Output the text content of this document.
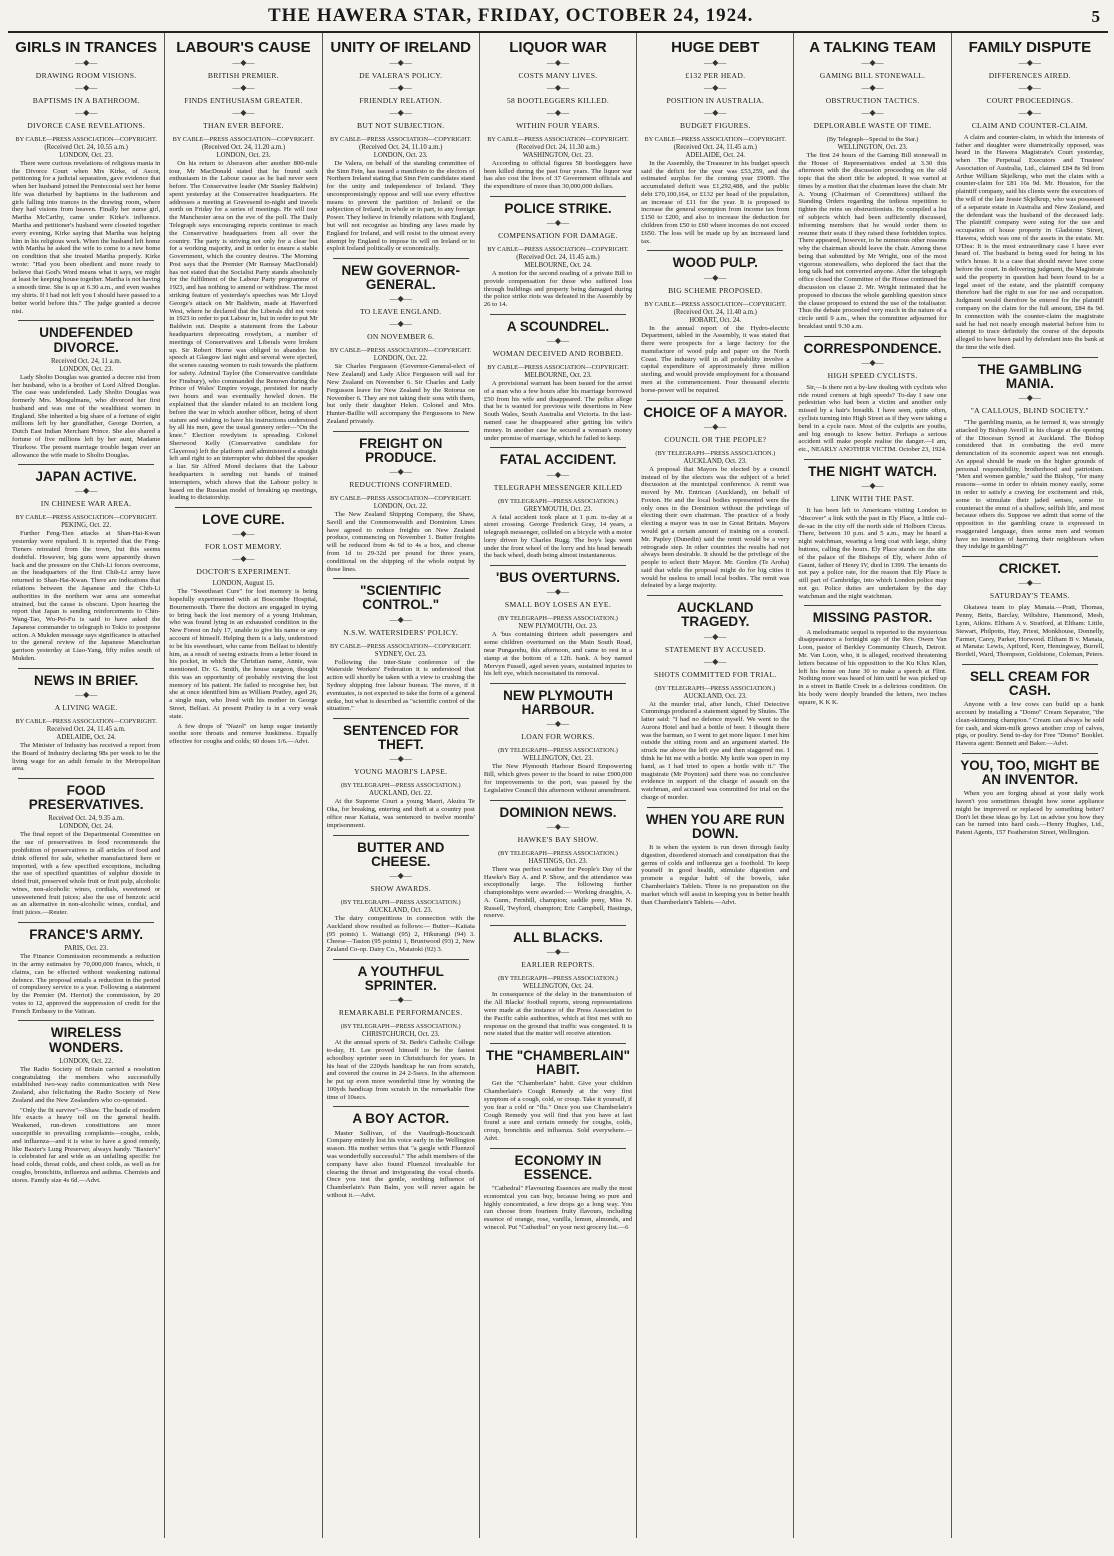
THE HAWERA STAR, FRIDAY, OCTOBER 24, 1924.	5
GIRLS IN TRANCES
—◆—
DRAWING ROOM VISIONS.
—◆—
BAPTISMS IN A BATHROOM.
—◆—
DIVORCE CASE REVELATIONS.
BY CABLE—PRESS ASSOCIATION—COPYRIGHT.
(Received Oct. 24, 10.55 a.m.)
LONDON, Oct. 23.

There were curious revelations of religious mania in the Divorce Court when Mrs Kirke, of Ascot, petitioning for a judicial separation, gave evidence that when her husband joined the Pentecostal sect her home life was disturbed by baptisms in the bathroom and girls falling into trances in the drawing room, where they had visions from heaven. Finally her nurse girl, Martha McCarthy, came under Kirke's influence. Martha and petitioner's husband were closeted together every evening, Kirke saying that Martha was helping him in his religious work. When the husband left home with Martha he asked the wife to come to a new home on condition that she treated Martha properly. Kirke wrote: "Had you been obedient and more ready to believe that God's Word means what it says, we might at least be keeping house together. Martha is not having a smooth time. She is up at 6.30 a.m., and even washes my shirts. If I had not left you I should have passed to a better world before this." The judge granted a decree nisi.

UNDEFENDED DIVORCE.
Received Oct. 24, 11 a.m.
LONDON, Oct. 23.

Lady Sholto Douglas was granted a decree nisi from her husband, who is a brother of Lord Alfred Douglas. The case was undefended. Lady Sholto Douglas was formerly Mrs. Mosgulmans, who divorced her first husband and was one of the wealthiest women in England. She inherited a big share of a fortune of eight millions left by her grandfather, George Dorrien, a Dutch East Indian Merchant Prince. She also shared a fortune of five millions left by her aunt, Madame Thurkow. The present marriage trouble began over an allowance the wife made to Sholto Douglas.

JAPAN ACTIVE.
—◆—
IN CHINESE WAR AREA.
BY CABLE—PRESS ASSOCIATION—COPYRIGHT.
PEKING, Oct. 22.

Further Feng-Tien attacks at Shan-Hai-Kwan yesterday were repulsed. It is reported that the Feng-Tieners retreated from the town, but this seems doubtful. However, big guns were apparently drawn back and the pressure on the Chih-Li forces overcome, as the headquarters of the first Chih-Li army have returned to Shan-Hai-Kwan. There are indications that relations between the Japanese and the Chih-Li authorities in the northern war area are somewhat strained, but the cause is obscure. Upon hearing the report that Japan is sending reinforcements to Chin-Wang-Tao, Wu-Pei-Fu is said to have asked the Japanese commander to telegraph to Tokio to postpone action. A Mukden message says significance is attached to the general review of the Japanese Manchurian garrison yesterday at Liao-Yang, fifty miles south of Mukden.

NEWS IN BRIEF.
—◆—
A LIVING WAGE.
BY CABLE—PRESS ASSOCIATION—COPYRIGHT.
Received Oct. 24, 11.45 a.m.
ADELAIDE, Oct. 24.

The Minister of Industry has received a report from the Board of Industry declaring 98s per week to be the living wage for an adult female in the Metropolitan area.

FOOD PRESERVATIVES.
Received Oct. 24, 9.35 a.m.
LONDON, Oct. 24.

The final report of the Departmental Committee on the use of preservatives in food recommends the prohibition of preservatives in all articles of food and drink offered for sale, whether manufactured here or imported, with a few specified exceptions, including the use of specified quantities of sulphur dioxide in dried fruit, preserved whole fruit or fruit pulp, alcoholic wines, non-alcoholic wines, cordials, sweetened or unsweetened fruit juices; also the use of benzoic acid as an alternative in non-alcoholic wines, cordial, and fruit juices.—Reuter.

FRANCE'S ARMY.
PARIS, Oct. 23.

The Finance Commission recommends a reduction in the army estimates by 70,000,000 francs, which, it claims, can be effected without weakening national defence. The proposal entails a reduction in the period of compulsory service to a year. Following a statement by the Premier (M. Herriot) the commission, by 20 votes to 12, approved the suppression of credit for the French Embassy to the Vatican.

WIRELESS WONDERS.
LONDON, Oct. 22.

The Radio Society of Britain carried a resolution congratulating the members who successfully established two-way radio communication with New Zealand, also felicitating the Radio Society of New Zealand and the New Zealanders who co-operated.

"Only the fit survive"—Shaw. The bustle of modern life exacts a heavy toll on the general health. Weakened, run-down constitutions are more susceptible to prevailing complaints—coughs, colds, and influenza—and it is wise to have a good remedy, like Baxter's Lung Preserver, always handy. "Baxter's" is celebrated far and wide as an unfailing specific for head colds, throat colds, and chest colds, as well as for coughs, bronchitis, influenza and asthma. Chemists and stores. Family size 4s 6d.—Advt.

LABOUR'S CAUSE
—◆—
BRITISH PREMIER.
—◆—
FINDS ENTHUSIASM GREATER.
—◆—
THAN EVER BEFORE.
BY CABLE—PRESS ASSOCIATION—COPYRIGHT.
(Received Oct. 24, 11.20 a.m.)
LONDON, Oct. 23.

On his return to Aberavon after another 800-mile tour, Mr MacDonald stated that he found such enthusiasm in the Labour cause as he had never seen before. The Conservative leader (Mr Stanley Baldwin) spent yesterday at the Conservative headquarters. He addresses a meeting at Gravesend to-night and travels north on Friday for a series of meetings. He will tour the Manchester area on the eve of the poll. The Daily Telegraph says encouraging reports continue to reach the Conservative headquarters from all over the country. The party is striving not only for a clear but for a working majority, and in order to ensure a stable Government, which the country desires. The Morning Post says that the Premier (Mr Ramsay MacDonald) has not stated that the Socialist Party stands absolutely for the fulfilment of the Labour Party programme of 1923, and has nothing to amend or withdraw. The most striking feature of yesterday's speeches was Mr Lloyd George's attack on Mr Baldwin, made at Haverford West, where he declared that the Liberals did not vote in 1923 in order to put Labour in, but in order to put Mr Baldwin out. Despite a statement from the Labour headquarters deprecating rowdyism, a number of meetings of Conservatives and Liberals were broken up. Sir Robert Horne was obliged to abandon his speech at Glasgow last night and several were ejected, the scenes causing women to rush towards the platform for safety. Admiral Taylor (the Conservative candidate for Finsbury), who commanded the Renown during the Prince of Wales' Empire voyage, persisted for nearly two hours and was eventually howled down. He explained that the slander related to an incident long before the war in which another officer, being of short stature and wishing to have his instructions understood by all his men, gave the usual gunnery order—"On the knee." Election rowdyism is spreading. Colonel Sherwood Kelly (Conservative candidate for Clayeross) left the platform and administered a straight left and right to an interrupter who dubbed the speaker a liar. Sir Alfred Mond declares that the Labour headquarters is sending out bands of trained interrupters, which shows that the Labour policy is based on the Russian model of breaking up meetings, leading to dictatorship.

LOVE CURE.
—◆—
FOR LOST MEMORY.
—◆—
DOCTOR'S EXPERIMENT.
LONDON, August 15.

The "Sweetheart Cure" for lost memory is being hopefully experimented with at Boscombe Hospital, Bournemouth. There the doctors are engaged in trying to bring back the lost memory of a young Irishman, who was found lying in an exhausted condition in the New Forest on July 17, unable to give his name or any account of himself. Helping them is a lady, understood to be his sweetheart, who came from Belfast to identify him, as a result of seeing extracts from a letter found in his pocket, in which the Christian name, Annie, was mentioned. Dr. G. Smith, the house surgeon, thought this was an opportunity of probably reviving the lost memory of his patient. He failed to recognise her, but she at once identified him as William Pratley, aged 26, a single man, who lived with his mother in George Street, Belfast. At present Pratley is in a very weak state.

A few drops of "Nazol" on lump sugar instantly soothe sore throats and remove huskiness. Equally effective for coughs and colds; 60 doses 1/6.—Advt.

UNITY OF IRELAND
—◆—
DE VALERA'S POLICY.
—◆—
FRIENDLY RELATION.
—◆—
BUT NOT SUBJECTION.
BY CABLE—PRESS ASSOCIATION—COPYRIGHT.
(Received Oct. 24, 11.10 a.m.)
LONDON, Oct. 23.

De Valera, on behalf of the standing committee of the Sinn Fein, has issued a manifesto to the electors of Northern Ireland stating that Sinn Fein candidates stand for the unity and independence of Ireland. They uncompromisingly oppose and will use every effective means to prevent the partition of Ireland or the subjection of Ireland, in whole or in part, to any foreign Power. They believe in friendly relations with England, but will not recognise as binding any laws made by England for Ireland, and will resist to the utmost every attempt by England to impose its will on Ireland or to exploit Ireland politically or economically.

NEW GOVERNOR-GENERAL.
—◆—
TO LEAVE ENGLAND.
—◆—
ON NOVEMBER 6.
BY CABLE—PRESS ASSOCIATION—COPYRIGHT.
LONDON, Oct. 22.

Sir Charles Fergusson (Governor-General-elect of New Zealand) and Lady Alice Fergusson will sail for New Zealand on November 6. Sir Charles and Lady Fergusson leave for New Zealand by the Rotorua on November 6. They are not taking their sons with them, but only their daughter Helen. Colonel and Mrs. Hunter-Baillie will accompany the Fergussons to New Zealand privately.

FREIGHT ON PRODUCE.
—◆—
REDUCTIONS CONFIRMED.
BY CABLE—PRESS ASSOCIATION—COPYRIGHT.
LONDON, Oct. 22.

The New Zealand Shipping Company, the Shaw, Savill and the Commonwealth and Dominion Lines have agreed to reduce freights on New Zealand produce, commencing on November 1. Butter freights will be reduced from 4s 6d to 4s a box, and cheese from 1d to 29-32d per pound for three years, conditional on the shipping of the whole output by those lines.

"SCIENTIFIC CONTROL."
—◆—
N.S.W. WATERSIDERS' POLICY.
BY CABLE—PRESS ASSOCIATION—COPYRIGHT.
SYDNEY, Oct. 23.

Following the inter-State conference of the Waterside Workers' Federation it is understood that action will shortly be taken with a view to crushing the Sydney shipping free labour bureau. The move, if it eventuates, is not expected to take the form of a general strike, but what is described as "scientific control of the situation."

SENTENCED FOR THEFT.
—◆—
YOUNG MAORI'S LAPSE.
(BY TELEGRAPH—PRESS ASSOCIATION.)
AUCKLAND, Oct. 22.

At the Supreme Court a young Maori, Akuira Te Oka, for breaking, entering and theft at a country post office near Kaitaia, was sentenced to twelve months' imprisonment.

BUTTER AND CHEESE.
—◆—
SHOW AWARDS.
(BY TELEGRAPH—PRESS ASSOCIATION.)
AUCKLAND, Oct. 23.

The dairy competitions in connection with the Auckland show resulted as follows:— Butter—Kaitaia (95 points) 1. Waitangi (95) 2, Hikurangi (94) 3. Cheese—Taston (95 points) 1, Bruntwood (93) 2, New Zealand Co-op. Dairy Co., Matatoki (92) 3.

A YOUTHFUL SPRINTER.
—◆—
REMARKABLE PERFORMANCES.
(BY TELEGRAPH—PRESS ASSOCIATION.)
CHRISTCHURCH, Oct. 23.

At the annual sports of St. Bede's Catholic College to-day, H. Lee proved himself to be the fastest schoolboy sprinter seen in Christchurch for years. In his heat of the 220yds handicap he ran from scratch, and covered the course in 24 2-5secs. In the afternoon he put up even more wonderful time by winning the 100yds handicap from scratch in the remarkable fine time of 10secs.

A BOY ACTOR.

Master Sullivan, of the Vaudrugh-Boucicault Company entirely lost his voice early in the Wellington season. His mother writes that "a gargle with Fluenzol was wonderfully successful." The adult members of the company have also found Fluenzol invaluable for clearing the throat and invigorating the vocal chords. Once you test the gentle, soothing influence of Chamberlain's Pain Balm, you will never again be without it.—Advt.

LIQUOR WAR
—◆—
COSTS MANY LIVES.
—◆—
58 BOOTLEGGERS KILLED.
—◆—
WITHIN FOUR YEARS.
BY CABLE—PRESS ASSOCIATION—COPYRIGHT.
(Received Oct. 24, 11.30 a.m.)
WASHINGTON, Oct. 23.

According to official figures 58 bootleggers have been killed during the past four years. The liquor war has also cost the lives of 37 Government officials and the expenditure of more than 30,000,000 dollars.

POLICE STRIKE.
—◆—
COMPENSATION FOR DAMAGE.
BY CABLE—PRESS ASSOCIATION—COPYRIGHT.
(Received Oct. 24, 11.45 a.m.)
MELBOURNE, Oct. 24.

A motion for the second reading of a private Bill to provide compensation for those who suffered loss through buildings and property being damaged during the police strike riots was defeated in the Assembly by 26 to 14.

A SCOUNDREL.
—◆—
WOMAN DECEIVED AND ROBBED.
BY CABLE—PRESS ASSOCIATION—COPYRIGHT.
MELBOURNE, Oct. 23.

A provisional warrant has been issued for the arrest of a man who a few hours after his marriage borrowed £50 from his wife and disappeared. The police allege that he is wanted for previous wife desertions in New South Wales, South Australia and Victoria. In the last-named case he disappeared after getting his wife's money. In another case he secured a woman's money under promise of marriage, which he failed to keep.

FATAL ACCIDENT.
—◆—
TELEGRAPH MESSENGER KILLED
(BY TELEGRAPH—PRESS ASSOCIATION.)
GREYMOUTH, Oct. 23.

A fatal accident took place at 1 p.m. to-day at a street crossing. George Frederick Gray, 14 years, a telegraph messenger, collided on a bicycle with a motor lorry driven by Charles Rugg. The boy's legs went under the front wheel of the lorry and his head beneath the back wheel, death being almost instantaneous.

'BUS OVERTURNS.
—◆—
SMALL BOY LOSES AN EYE.
(BY TELEGRAPH—PRESS ASSOCIATION.)
NEW PLYMOUTH, Oct. 23.

A 'bus containing thirteen adult passengers and some children overturned on the Main South Road, near Pungarehu, this afternoon, and came to rest in a stamp at the bottom of a 12ft. bank. A boy named Mervyn Fussell, aged seven years, sustained injuries to his left eye, which necessitated its removal.

NEW PLYMOUTH HARBOUR.
—◆—
LOAN FOR WORKS.
(BY TELEGRAPH—PRESS ASSOCIATION.)
WELLINGTON, Oct. 23.

The New Plymouth Harbour Board Empowering Bill, which gives power to the board to raise £900,000 for improvements to the port, was passed by the Legislative Council this afternoon without amendment.

DOMINION NEWS.
—◆—
HAWKE'S BAY SHOW.
(BY TELEGRAPH—PRESS ASSOCIATION.)
HASTINGS, Oct. 23.

There was perfect weather for People's Day of the Hawke's Bay A. and P. Show, and the attendance was exceptionally large. The following further championships were awarded:— Working draughts, A. A. Gunn, Fernhill, champion; saddle pony, Miss N. Russell, Twyford, champion; Eric Campbell, Hastings, reserve.

ALL BLACKS.
—◆—
EARLIER REPORTS.
(BY TELEGRAPH—PRESS ASSOCIATION.)
WELLINGTON, Oct. 24.

In consequence of the delay in the transmission of the All Blacks' football reports, strong representations were made at the instance of the Press Association to the Pacific cable authorities, which at first met with no response on the ground that traffic was congested. It is now stated that the matter will receive attention.

THE "CHAMBERLAIN" HABIT.

Get the "Chamberlain" habit. Give your children Chamberlain's Cough Remedy at the very first symptom of a cough, cold, or croup. Take it yourself, if you fear a cold or "flu." Once you use Chamberlain's Cough Remedy you will find that you have at last found a sure and certain remedy for coughs, colds, croup, bronchitis and influenza. Sold everywhere.—Advt.

ECONOMY IN ESSENCE.

"Cathedral" Flavouring Essences are really the most economical you can buy, because being so pure and highly concentrated, a few drops go a long way. You can choose from fourteen fruity flavours, including essence of orange, rose, vanilla, lemon, almonds, and winecol. Put "Cathedral" on your next grocery list.—6

HUGE DEBT
—◆—
£132 PER HEAD.
—◆—
POSITION IN AUSTRALIA.
—◆—
BUDGET FIGURES.
BY CABLE—PRESS ASSOCIATION—COPYRIGHT.
(Received Oct. 24, 11.45 a.m.)
ADELAIDE, Oct. 24.

In the Assembly, the Treasurer in his budget speech said the deficit for the year was £53,259, and the estimated surplus for the coming year £9089. The accumulated deficit was £1,292,488, and the public debt £70,100,164, or £132 per head of the population, an increase of £11 for the year. It is proposed to increase the general exemption from income tax from £150 to £200, and also to increase the deduction for children from £50 to £60 where incomes do not exceed £650. The loss will be made up by an increased land tax.

WOOD PULP.
—◆—
BIG SCHEME PROPOSED.
BY CABLE—PRESS ASSOCIATION—COPYRIGHT.
(Received Oct. 24, 11.40 a.m.)
HOBART, Oct. 24.

In the annual report of the Hydro-electric Department, tabled in the Assembly, it was stated that there were prospects for a large factory for the manufacture of wood pulp and paper on the North Coast. The industry will in all probability involve a capital expenditure of approximately three million sterling, and would provide employment for a thousand men at the commencement. Four thousand electric horse-power will be required.

CHOICE OF A MAYOR.
—◆—
COUNCIL OR THE PEOPLE?
(BY TELEGRAPH—PRESS ASSOCIATION.)
AUCKLAND, Oct. 23.

A proposal that Mayors be elected by a council instead of by the electors was the subject of a brief discussion at the municipal conference. A remit was moved by Mr. Entrican (Auckland), on behalf of Foxton. He and the local bodies represented were the only ones in the Dominion without the privilege of electing their own chairman. The practice of a body electing a mayor was in use in Great Britain. Mayors would get a certain amount of training on a council. Mr. Papley (Dunedin) said the remit would be a very retrograde step. In other countries the results had not always been desirable. It should be the privilege of the people to select their Mayor. Mr. Gordon (Te Aroha) said that while the proposal might do for big cities it would be useless to small local bodies. The remit was defeated by a large majority.

AUCKLAND TRAGEDY.
—◆—
STATEMENT BY ACCUSED.
—◆—
SHOTS COMMITTED FOR TRIAL.
(BY TELEGRAPH—PRESS ASSOCIATION.)
AUCKLAND, Oct. 23.

At the murder trial, after lunch, Chief Detective Cummings produced a statement signed by Shutes. The latter said: "I had no defence myself. We went to the Aurora Hotel and had a bottle of beer. I thought there was the barman, so I went to get more liquor. I met him outside the sitting room and an argument started. He struck me above the left eye and then staggered me. I think he hit me with a bottle. My knife was open in my hand, as I had tried to open a bottle with it." The magistrate (Mr Poynton) said there was no conclusive evidence in support of the charge of assault on the watchman, and accused was committed for trial on the charge of murder.

WHEN YOU ARE RUN DOWN.

It is when the system is run down through faulty digestion, disordered stomach and constipation that the germs of colds and influenza get a foothold. To keep yourself in good health, stimulate digestion and promote a regular habit of the bowels, take Chamberlain's Tablets. Three is no preparation on the market which will assist in keeping you in better health than Chamberlain's Tablets.—Advt.

A TALKING TEAM
—◆—
GAMING BILL STONEWALL.
—◆—
OBSTRUCTION TACTICS.
—◆—
DEPLORABLE WASTE OF TIME.
(By Telegraph—Special to the Star.)
WELLINGTON, Oct. 23.

The first 24 hours of the Gaming Bill stonewall in the House of Representatives ended at 3.30 this afternoon with the discussion proceeding on the old topic that the short title be adopted. It was varied at times by a motion that the chairman leave the chair. Mr A. Young (Chairman of Committees) utilised the Standing Orders regarding the tedious repetition to tighten the reins on obstructionists. He compiled a list of subjects which had been sufficiently discussed, informing members that he would order them to resume their seats if they raised these forbidden topics. There appeared, however, to be numerous other reasons why the chairman should leave the chair. Among these being that submitted by Mr Wright, one of the most vigorous stonewallers, who deplored the fact that the long talk had not converted anyone. After the telegraph office closed the Committee of the House continued the discussion on clause 2. Mr. Wright intimated that he proposed to discuss the whole gambling question since the clause proposed to extend the use of the totalisator. Thus the debate proceeded very much in the nature of a circle until 9 a.m., when the committee adjourned for breakfast until 9.30 a.m.

CORRESPONDENCE.
—◆—
HIGH SPEED CYCLISTS.

Sir,—Is there not a by-law dealing with cyclists who ride round corners at high speeds? To-day I saw one pedestrian who had been a victim and another only missed by a hair's breadth. I have seen, quite often, cyclists turning into High Street as if they were taking a bend in a cycle race. Most of the culprits are youths, and big enough to know better. Perhaps a serious accident will make people realise the danger.—I am, etc., NEARLY ANOTHER VICTIM. October 23, 1924.

THE NIGHT WATCH.
—◆—
LINK WITH THE PAST.

It has been left to Americans visiting London to "discover" a link with the past in Ely Place, a little cul-de-sac in the city off the north side of Holborn Circus. There, between 10 p.m. and 5 a.m., may be heard a night watchman, wearing a long coat with large, shiny buttons, calling the hours. Ely Place stands on the site of the palace of the Bishops of Ely, where John of Gaunt, father of Henry IV, died in 1399. The tenants do not pay a police rate, for the reason that Ely Place is still part of Cambridge, into which London police may not go. Police duties are undertaken by the day watchman and the night watchman.

MISSING PASTOR.

A melodramatic sequel is reported to the mysterious disappearance a fortnight ago of the Rev. Owen Van Loon, pastor of Berkley Community Church, Detroit. Mr. Van Loon, who, it is alleged, received threatening letters because of his opposition to the Ku Klux Klan, left his home on June 30 to make a speech at Flint. Nothing more was heard of him until he was picked up in a street in Battle Creek in a delirious condition. On his body were deeply branded the letters, two inches square, K K K.

FAMILY DISPUTE
—◆—
DIFFERENCES AIRED.
—◆—
COURT PROCEEDINGS.
—◆—
CLAIM AND COUNTER-CLAIM.

A claim and counter-claim, in which the interests of father and daughter were diametrically opposed, was heard in the Hawera Magistrate's Court yesterday, when The Perpetual Executors and Trustees' Association of Australia, Ltd., claimed £84 8s 9d from Arthur William Skjelkrup, who met the claim with a counter-claim for £81 16s 9d. Mr. Houston, for the plaintiff company, said his clients were the executors of the will of the late Jessie Skjelkrup, who was possessed of a separate estate in Australia and New Zealand, and the defendant was the husband of the deceased lady. The plaintiff company were suing for the use and occupation of house property in Gladstone Street, Hawera, which was one of the assets in the estate. Mr. O'Dea: It is the most extraordinary case I have ever heard of. The husband is being sued for being in his wife's house. It is a case that should never have come before the court. In delivering judgment, the Magistrate said the property in question had been found to be a legal asset of the estate, and the plaintiff company therefore had the right to sue for use and occupation. Judgment would therefore be entered for the plaintiff company on the claim for the full amount, £84 8s 9d. In connection with the counter-claim the magistrate said he had not nearly enough material before him to attempt to trace definitely the course of the deposits alleged to have been paid by defendant into the bank at the time the wife died.

THE GAMBLING MANIA.
—◆—
"A CALLOUS, BLIND SOCIETY."

"The gambling mania, as he termed it, was strongly attacked by Bishop Averill in his charge at the opening of the Diocesan Synod at Auckland. The Bishop considered that in combating the evil mere denunciation of its economic aspect was not enough. An appeal should be made on the higher grounds of personal responsibility, brotherhood and patriotism. "Men and women gamble," said the Bishop, "for many reasons—some in order to obtain money easily, some in order to satisfy a craving for excitement and risk, some to stimulate their jaded senses, some to counteract the ennui of a shallow, selfish life, and most because others do. Suppose we admit that some of the opposition to the gambling craze is expressed in exaggerated language, does some men and women have no intention of harming their neighbours when they indulge in gambling?"

CRICKET.
—◆—
SATURDAY'S TEAMS.

Okaiawa team to play Manaia.—Pratt, Thomas, Penny, Betts, Barclay, Wiltshire, Hammond, Mesh, Lynn, Atkins. Eltham A v. Stratford, at Eltham: Little, Stewart, Philpotts, Hay, Priest, Monkhouse, Donnelly, Farmer, Carey, Parker, Horwood. Eltham B v. Manaia, at Manaia: Lewis, Aptford, Kerr, Hemingway, Burrell, Bordeil, Ward, Thompson, Goldstone, Coleman, Peters.

SELL CREAM FOR CASH.

Anyone with a few cows can build up a bank account by installing a "Domo" Cream Separator, "the clean-skimming champion." Cream can always be sold for cash, and skim-milk grows another crop of calves, pigs, or poultry. Send to-day for Free "Domo" Booklet. Hawera agent: Bennett and Baker.—Advt.

YOU, TOO, MIGHT BE AN INVENTOR.

When you are forging ahead at your daily work haven't you sometimes thought how some appliance might be improved or replaced by something better? Don't let these ideas go by. Let us advise you how they can be turned into hard cash.—Henry Hughes, Ltd., Patent Agents, 157 Featherston Street, Wellington.
